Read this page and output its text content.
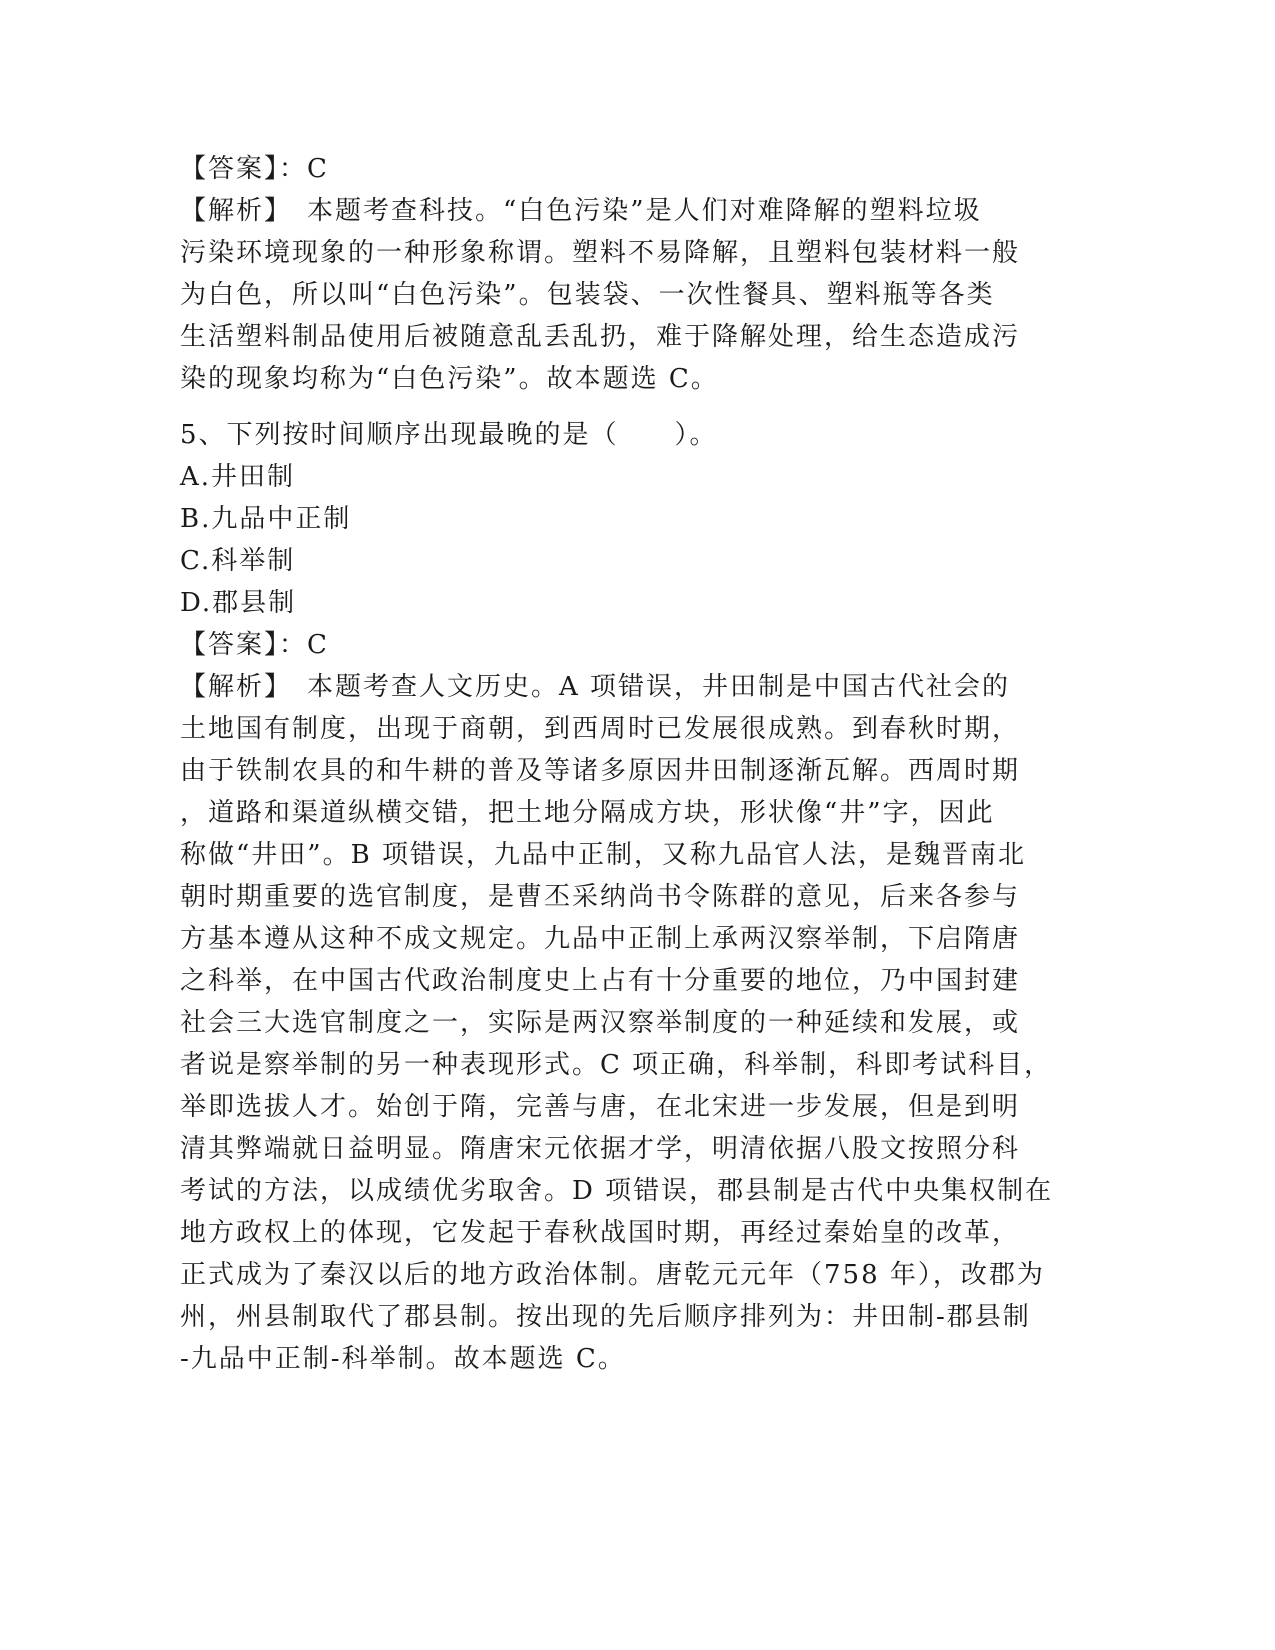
【答案】：C
【解析】　本题考查科技。“白色污染”是人们对难降解的塑料垃圾
污染环境现象的一种形象称谓。塑料不易降解，且塑料包装材料一般
为白色，所以叫“白色污染”。包装袋、一次性餐具、塑料瓶等各类
生活塑料制品使用后被随意乱丢乱扔，难于降解处理，给生态造成污
染的现象均称为“白色污染”。故本题选 C。
5、下列按时间顺序出现最晚的是（　　）。
A.井田制
B.九品中正制
C.科举制
D.郡县制
【答案】：C
【解析】　本题考查人文历史。A 项错误，井田制是中国古代社会的
土地国有制度，出现于商朝，到西周时已发展很成熟。到春秋时期，
由于铁制农具的和牛耕的普及等诸多原因井田制逐渐瓦解。西周时期
，道路和渠道纵横交错，把土地分隔成方块，形状像“井”字，因此
称做“井田”。B 项错误，九品中正制，又称九品官人法，是魏晋南北
朝时期重要的选官制度，是曹丕采纳尚书令陈群的意见，后来各参与
方基本遵从这种不成文规定。九品中正制上承两汉察举制，下启隋唐
之科举，在中国古代政治制度史上占有十分重要的地位，乃中国封建
社会三大选官制度之一，实际是两汉察举制度的一种延续和发展，或
者说是察举制的另一种表现形式。C 项正确，科举制，科即考试科目，
举即选拔人才。始创于隋，完善与唐，在北宋进一步发展，但是到明
清其弊端就日益明显。隋唐宋元依据才学，明清依据八股文按照分科
考试的方法，以成绩优劣取舍。D 项错误，郡县制是古代中央集权制在
地方政权上的体现，它发起于春秋战国时期，再经过秦始皇的改革，
正式成为了秦汉以后的地方政治体制。唐乾元元年（758 年），改郡为
州，州县制取代了郡县制。按出现的先后顺序排列为：井田制-郡县制
-九品中正制-科举制。故本题选 C。
